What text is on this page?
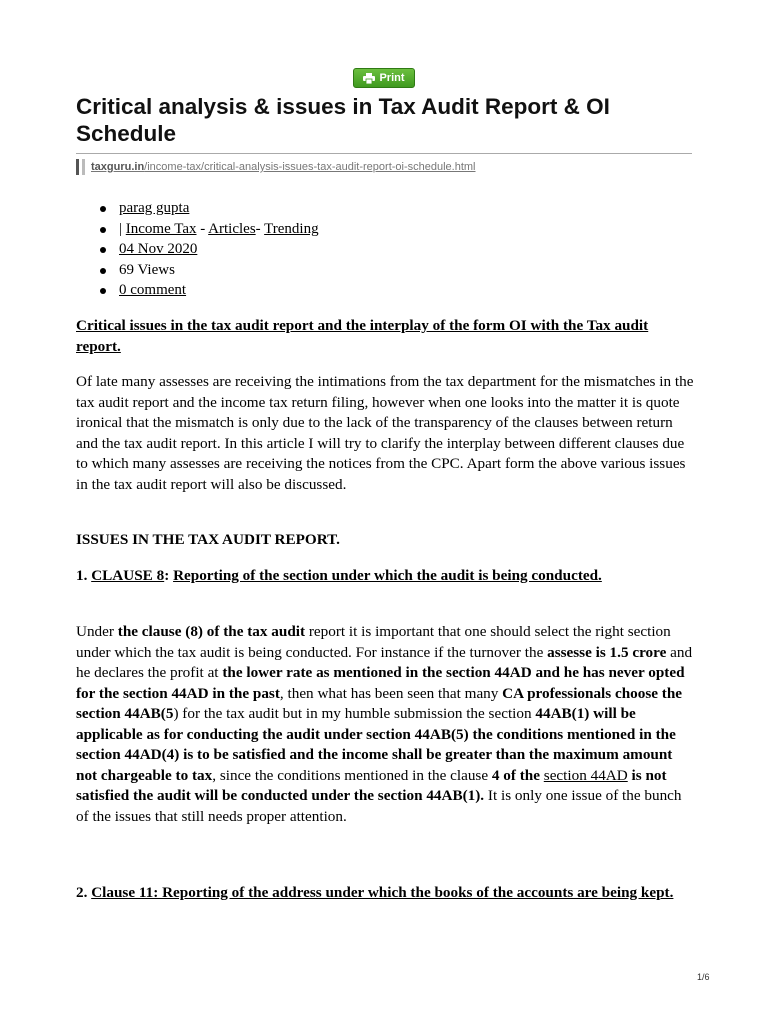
Print
Critical analysis & issues in Tax Audit Report & OI Schedule
taxguru.in/income-tax/critical-analysis-issues-tax-audit-report-oi-schedule.html
parag gupta
| Income Tax - Articles- Trending
04 Nov 2020
69 Views
0 comment

Critical issues in the tax audit report and the interplay of the form OI with the Tax audit report.

Of late many assesses are receiving the intimations from the tax department for the mismatches in the tax audit report and the income tax return filing, however when one looks into the matter it is quote ironical that the mismatch is only due to the lack of the transparency of the clauses between return and the tax audit report. In this article I will try to clarify the interplay between different clauses due to which many assesses are receiving the notices from the CPC. Apart form the above various issues in the tax audit report will also be discussed.

ISSUES IN THE TAX AUDIT REPORT.

1. CLAUSE 8: Reporting of the section under which the audit is being conducted.

Under the clause (8) of the tax audit report it is important that one should select the right section under which the tax audit is being conducted. For instance if the turnover the assesse is 1.5 crore and he declares the profit at the lower rate as mentioned in the section 44AD and he has never opted for the section 44AD in the past, then what has been seen that many CA professionals choose the section 44AB(5) for the tax audit but in my humble submission the section 44AB(1) will be applicable as for conducting the audit under section 44AB(5) the conditions mentioned in the section 44AD(4) is to be satisfied and the income shall be greater than the maximum amount not chargeable to tax, since the conditions mentioned in the clause 4 of the section 44AD is not satisfied the audit will be conducted under the section 44AB(1). It is only one issue of the bunch of the issues that still needs proper attention.

2. Clause 11: Reporting of the address under which the books of the accounts are being kept.

1/6
